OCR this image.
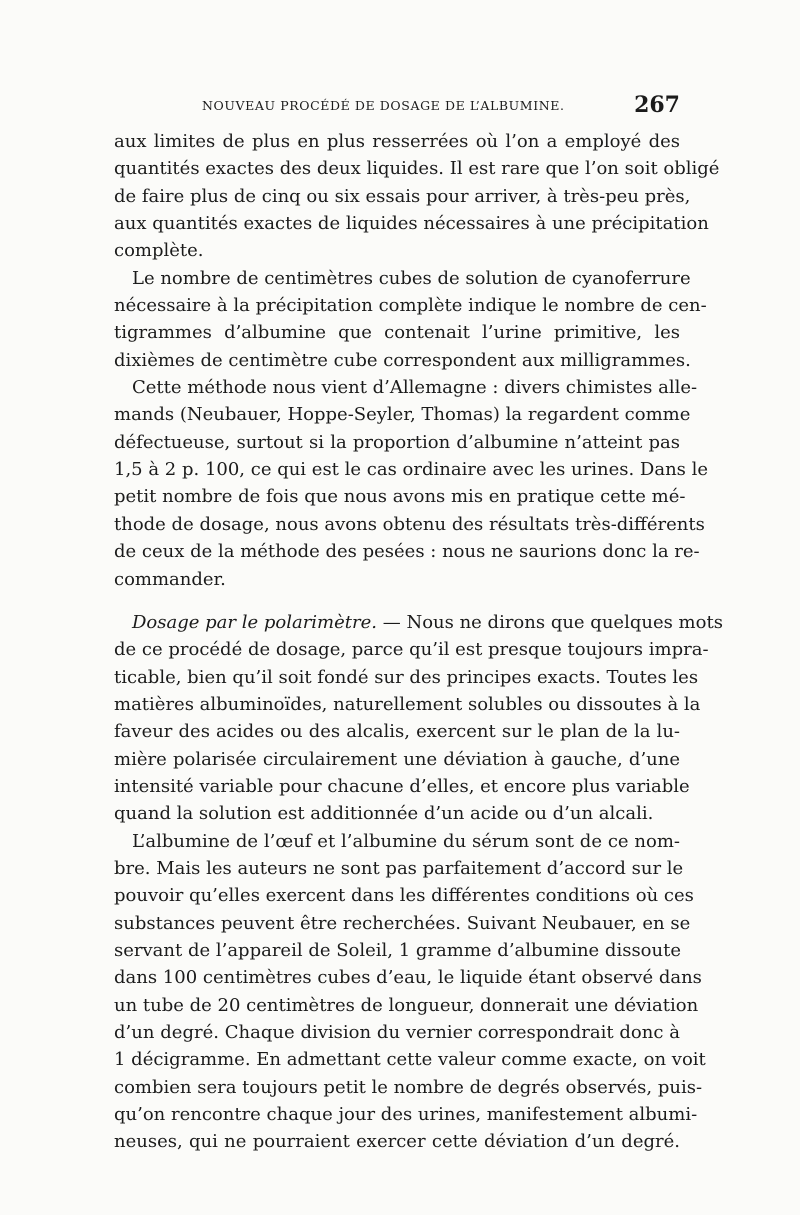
NOUVEAU PROCÉDÉ DE DOSAGE DE L’ALBUMINE.	267
aux limites de plus en plus resserrées où l’on a employé des
quantités exactes des deux liquides. Il est rare que l’on soit obligé
de faire plus de cinq ou six essais pour arriver, à très-peu près,
aux quantités exactes de liquides nécessaires à une précipitation
complète.
Le nombre de centimètres cubes de solution de cyanoferrure
nécessaire à la précipitation complète indique le nombre de cen-
tigrammes d’albumine que contenait l’urine primitive, les
dixièmes de centimètre cube correspondent aux milligrammes.
Cette méthode nous vient d’Allemagne : divers chimistes alle-
mands (Neubauer, Hoppe-Seyler, Thomas) la regardent comme
défectueuse, surtout si la proportion d’albumine n’atteint pas
1,5 à 2 p. 100, ce qui est le cas ordinaire avec les urines. Dans le
petit nombre de fois que nous avons mis en pratique cette mé-
thode de dosage, nous avons obtenu des résultats très-différents
de ceux de la méthode des pesées : nous ne saurions donc la re-
commander.
Dosage par le polarimètre. — Nous ne dirons que quelques mots
de ce procédé de dosage, parce qu’il est presque toujours impra-
ticable, bien qu’il soit fondé sur des principes exacts. Toutes les
matières albuminoïdes, naturellement solubles ou dissoutes à la
faveur des acides ou des alcalis, exercent sur le plan de la lu-
mière polarisée circulairement une déviation à gauche, d’une
intensité variable pour chacune d’elles, et encore plus variable
quand la solution est additionnée d’un acide ou d’un alcali.
L’albumine de l’œuf et l’albumine du sérum sont de ce nom-
bre. Mais les auteurs ne sont pas parfaitement d’accord sur le
pouvoir qu’elles exercent dans les différentes conditions où ces
substances peuvent être recherchées. Suivant Neubauer, en se
servant de l’appareil de Soleil, 1 gramme d’albumine dissoute
dans 100 centimètres cubes d’eau, le liquide étant observé dans
un tube de 20 centimètres de longueur, donnerait une déviation
d’un degré. Chaque division du vernier correspondrait donc à
1 décigramme. En admettant cette valeur comme exacte, on voit
combien sera toujours petit le nombre de degrés observés, puis-
qu’on rencontre chaque jour des urines, manifestement albumi-
neuses, qui ne pourraient exercer cette déviation d’un degré.
